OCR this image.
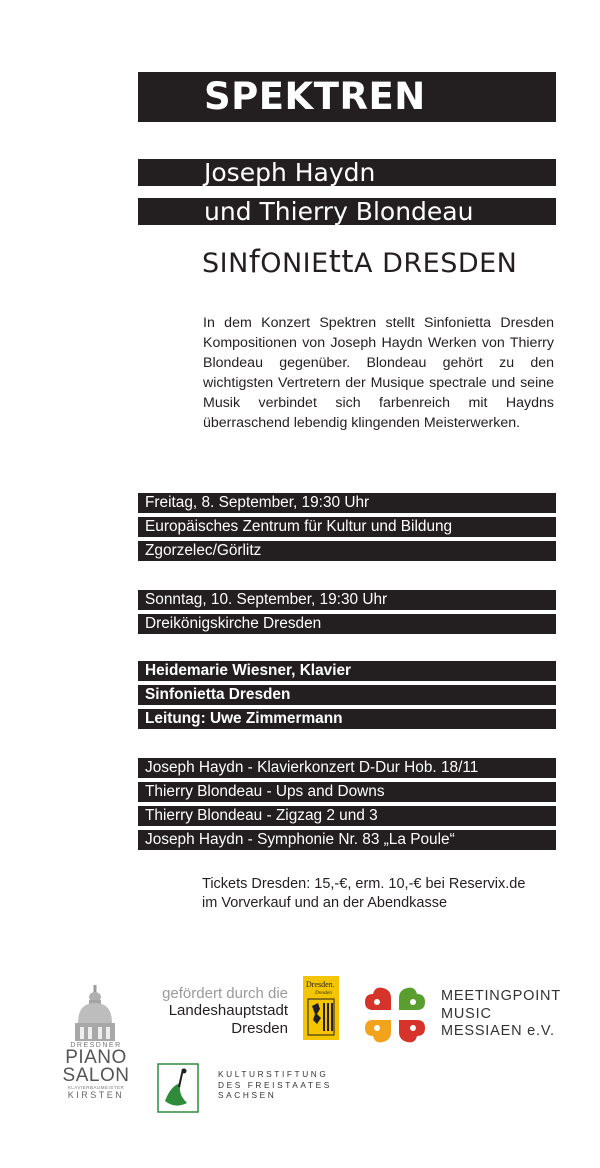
SPEKTREN
Joseph Haydn
und Thierry Blondeau
SINfONIEttA DRESDEN
In dem Konzert Spektren stellt Sinfonietta Dresden Kompositionen von Joseph Haydn Werken von Thierry Blondeau gegenüber. Blondeau gehört zu den wichtigsten Vertretern der Musique spectrale und seine Musik verbindet sich farbenreich mit Haydns überraschend lebendig klingenden Meisterwerken.
Freitag, 8. September, 19:30 Uhr
Europäisches Zentrum für Kultur und Bildung
Zgorzelec/Görlitz
Sonntag, 10. September, 19:30 Uhr
Dreikönigskirche Dresden
Heidemarie Wiesner, Klavier
Sinfonietta Dresden
Leitung: Uwe Zimmermann
Joseph Haydn - Klavierkonzert D-Dur Hob. 18/11
Thierry Blondeau - Ups and Downs
Thierry Blondeau - Zigzag 2 und 3
Joseph Haydn - Symphonie Nr. 83 „La Poule“
Tickets Dresden: 15,-€, erm. 10,-€ bei Reservix.de
im Vorverkauf und an der Abendkasse
DRESDNER
PIANO
SALON
KLAVIERBAUMEISTER
KIRSTEN
gefördert durch die
Landeshauptstadt
Dresden
Dresden.
Dresden	MEETINGPOINT
MUSIC
MESSIAEN e.V.
KULTURSTIFTUNG
DES FREISTAATES
SACHSEN
